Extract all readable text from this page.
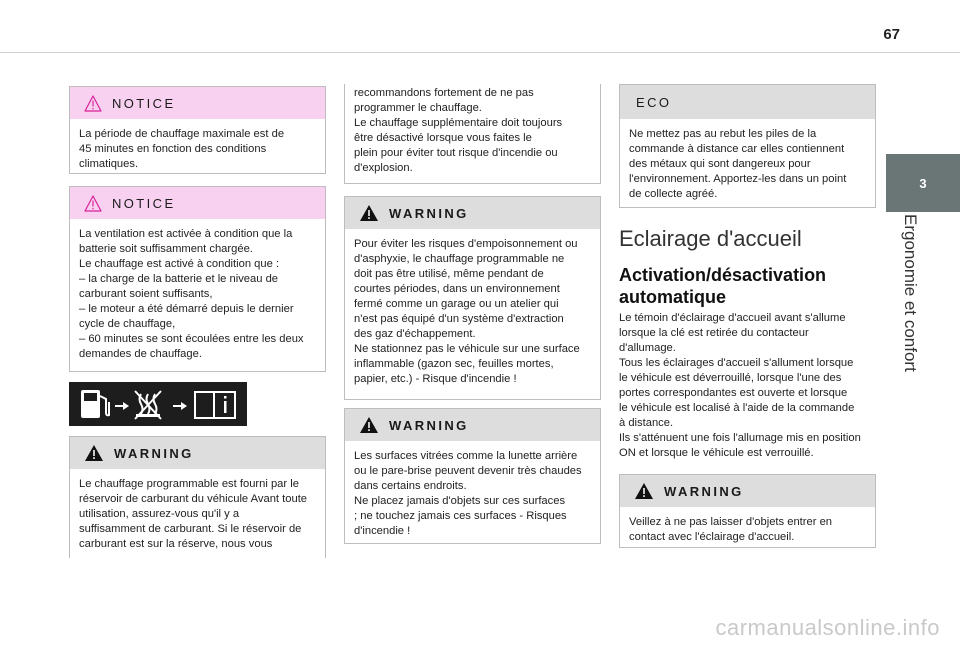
67
3
Ergonomie et confort
NOTICE
La période de chauffage maximale est de
45 minutes en fonction des conditions
climatiques.
NOTICE
La ventilation est activée à condition que la
batterie soit suffisamment chargée.
Le chauffage est activé à condition que :
– la charge de la batterie et le niveau de
carburant soient suffisants,
– le moteur a été démarré depuis le dernier
cycle de chauffage,
– 60 minutes se sont écoulées entre les deux
demandes de chauffage.
WARNING
Le chauffage programmable est fourni par le
réservoir de carburant du véhicule Avant toute
utilisation, assurez-vous qu'il y a
suffisamment de carburant. Si le réservoir de
carburant est sur la réserve, nous vous
recommandons fortement de ne pas
programmer le chauffage.
Le chauffage supplémentaire doit toujours
être désactivé lorsque vous faites le
plein pour éviter tout risque d'incendie ou
d'explosion.
WARNING
Pour éviter les risques d'empoisonnement ou
d'asphyxie, le chauffage programmable ne
doit pas être utilisé, même pendant de
courtes périodes, dans un environnement
fermé comme un garage ou un atelier qui
n'est pas équipé d'un système d'extraction
des gaz d'échappement.
Ne stationnez pas le véhicule sur une surface
inflammable (gazon sec, feuilles mortes,
papier, etc.) - Risque d'incendie !
WARNING
Les surfaces vitrées comme la lunette arrière
ou le pare-brise peuvent devenir très chaudes
dans certains endroits.
Ne placez jamais d'objets sur ces surfaces
; ne touchez jamais ces surfaces - Risques
d'incendie !
ECO
Ne mettez pas au rebut les piles de la
commande à distance car elles contiennent
des métaux qui sont dangereux pour
l'environnement. Apportez-les dans un point
de collecte agréé.
Eclairage d'accueil
Activation/désactivation automatique
Le témoin d'éclairage d'accueil avant s'allume
lorsque la clé est retirée du contacteur
d'allumage.
Tous les éclairages d'accueil s'allument lorsque
le véhicule est déverrouillé, lorsque l'une des
portes correspondantes est ouverte et lorsque
le véhicule est localisé à l'aide de la commande
à distance.
Ils s'atténuent une fois l'allumage mis en position
ON et lorsque le véhicule est verrouillé.
WARNING
Veillez à ne pas laisser d'objets entrer en
contact avec l'éclairage d'accueil.
carmanualsonline.info
